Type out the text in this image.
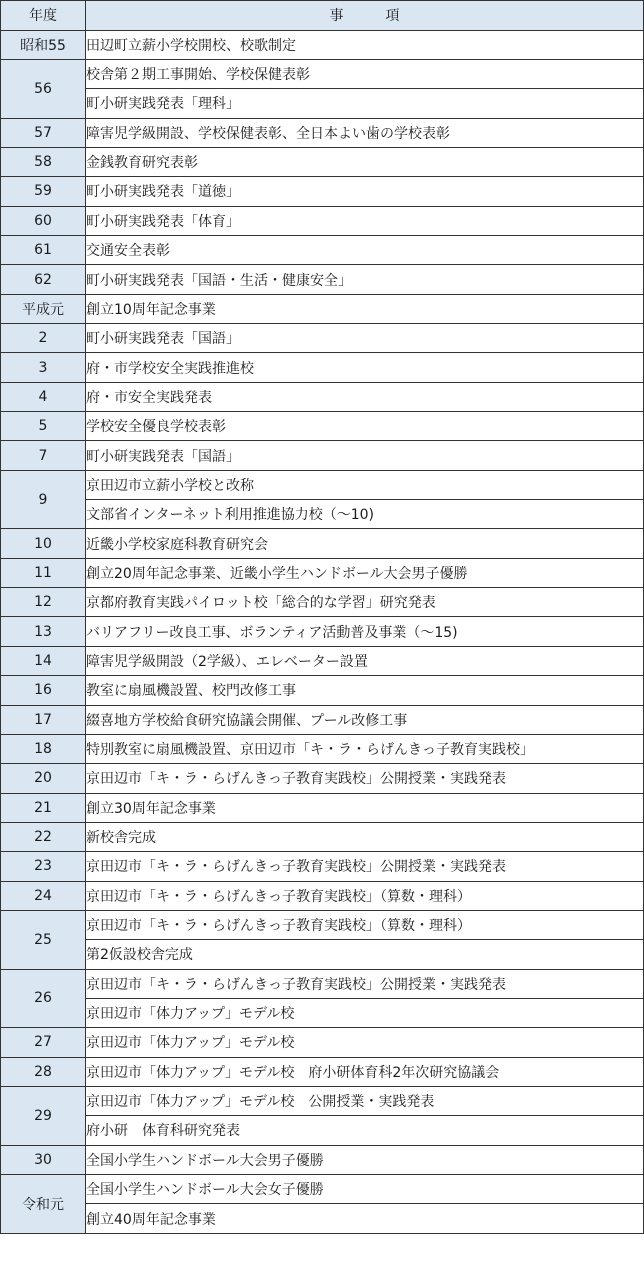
年度	事　　　項
昭和55	田辺町立薪小学校開校、校歌制定
56	校舎第２期工事開始、学校保健表彰
	町小研実践発表「理科」
57	障害児学級開設、学校保健表彰、全日本よい歯の学校表彰
58	金銭教育研究表彰
59	町小研実践発表「道徳」
60	町小研実践発表「体育」
61	交通安全表彰
62	町小研実践発表「国語・生活・健康安全」
平成元	創立10周年記念事業
2	町小研実践発表「国語」
3	府・市学校安全実践推進校
4	府・市安全実践発表
5	学校安全優良学校表彰
7	町小研実践発表「国語」
9	京田辺市立薪小学校と改称
	文部省インターネット利用推進協力校（～10)
10	近畿小学校家庭科教育研究会
11	創立20周年記念事業、近畿小学生ハンドボール大会男子優勝
12	京都府教育実践パイロット校「総合的な学習」研究発表
13	バリアフリー改良工事、ボランティア活動普及事業（～15)
14	障害児学級開設（2学級）、エレベーター設置
16	教室に扇風機設置、校門改修工事
17	綴喜地方学校給食研究協議会開催、プール改修工事
18	特別教室に扇風機設置、京田辺市「キ・ラ・らげんきっ子教育実践校」
20	京田辺市「キ・ラ・らげんきっ子教育実践校」公開授業・実践発表
21	創立30周年記念事業
22	新校舎完成
23	京田辺市「キ・ラ・らげんきっ子教育実践校」公開授業・実践発表
24	京田辺市「キ・ラ・らげんきっ子教育実践校」（算数・理科）
25	京田辺市「キ・ラ・らげんきっ子教育実践校」（算数・理科）
	第2仮設校舎完成
26	京田辺市「キ・ラ・らげんきっ子教育実践校」公開授業・実践発表
	京田辺市「体力アップ」モデル校
27	京田辺市「体力アップ」モデル校
28	京田辺市「体力アップ」モデル校　府小研体育科2年次研究協議会
29	京田辺市「体力アップ」モデル校　公開授業・実践発表
	府小研　体育科研究発表
30	全国小学生ハンドボール大会男子優勝
令和元	全国小学生ハンドボール大会女子優勝
	創立40周年記念事業
